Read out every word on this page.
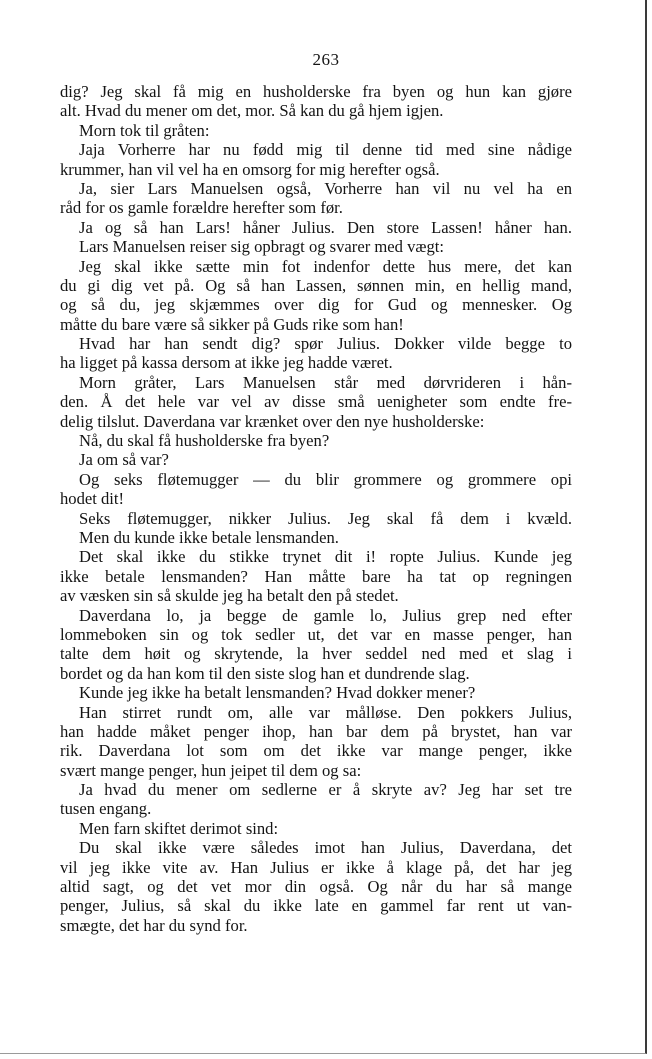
263
dig? Jeg skal få mig en husholderske fra byen og hun kan gjøre
alt. Hvad du mener om det, mor. Så kan du gå hjem igjen.
Morn tok til gråten:
Jaja Vorherre har nu fødd mig til denne tid med sine nådige
krummer, han vil vel ha en omsorg for mig herefter også.
Ja, sier Lars Manuelsen også, Vorherre han vil nu vel ha en
råd for os gamle forældre herefter som før.
Ja og så han Lars! håner Julius. Den store Lassen! håner han.
Lars Manuelsen reiser sig opbragt og svarer med vægt:
Jeg skal ikke sætte min fot indenfor dette hus mere, det kan
du gi dig vet på. Og så han Lassen, sønnen min, en hellig mand,
og så du, jeg skjæmmes over dig for Gud og mennesker. Og
måtte du bare være så sikker på Guds rike som han!
Hvad har han sendt dig? spør Julius. Dokker vilde begge to
ha ligget på kassa dersom at ikke jeg hadde været.
Morn gråter, Lars Manuelsen står med dørvrideren i hån-
den. Å det hele var vel av disse små uenigheter som endte fre-
delig tilslut. Daverdana var krænket over den nye husholderske:
Nå, du skal få husholderske fra byen?
Ja om så var?
Og seks fløtemugger — du blir grommere og grommere opi
hodet dit!
Seks fløtemugger, nikker Julius. Jeg skal få dem i kvæld.
Men du kunde ikke betale lensmanden.
Det skal ikke du stikke trynet dit i! ropte Julius. Kunde jeg
ikke betale lensmanden? Han måtte bare ha tat op regningen
av væsken sin så skulde jeg ha betalt den på stedet.
Daverdana lo, ja begge de gamle lo, Julius grep ned efter
lommeboken sin og tok sedler ut, det var en masse penger, han
talte dem høit og skrytende, la hver seddel ned med et slag i
bordet og da han kom til den siste slog han et dundrende slag.
Kunde jeg ikke ha betalt lensmanden? Hvad dokker mener?
Han stirret rundt om, alle var målløse. Den pokkers Julius,
han hadde måket penger ihop, han bar dem på brystet, han var
rik. Daverdana lot som om det ikke var mange penger, ikke
svært mange penger, hun jeipet til dem og sa:
Ja hvad du mener om sedlerne er å skryte av? Jeg har set tre
tusen engang.
Men farn skiftet derimot sind:
Du skal ikke være således imot han Julius, Daverdana, det
vil jeg ikke vite av. Han Julius er ikke å klage på, det har jeg
altid sagt, og det vet mor din også. Og når du har så mange
penger, Julius, så skal du ikke late en gammel far rent ut van-
smægte, det har du synd for.
